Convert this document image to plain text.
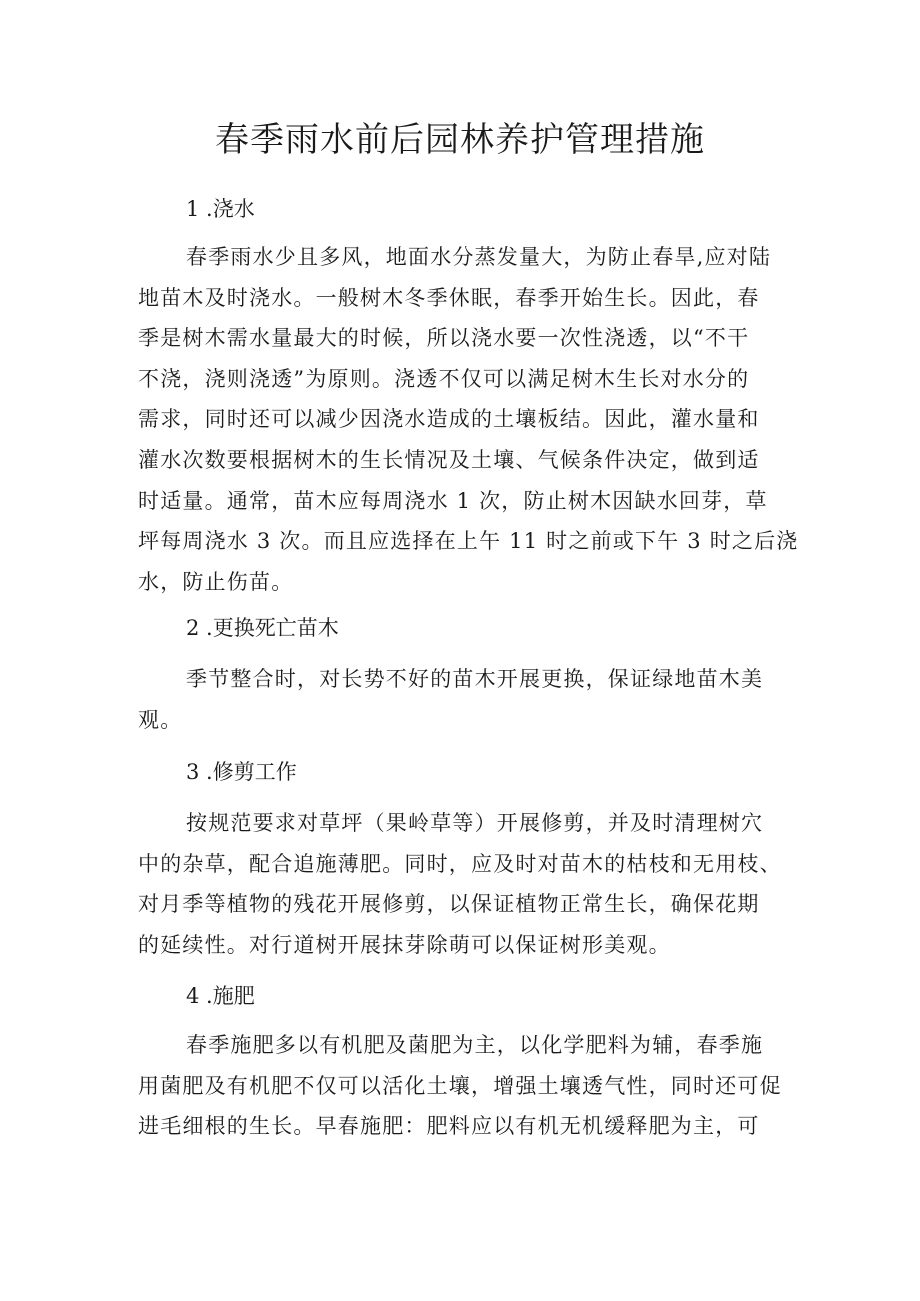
春季雨水前后园林养护管理措施

1 .浇水

春季雨水少且多风，地面水分蒸发量大，为防止春旱,应对陆
地苗木及时浇水。一般树木冬季休眠，春季开始生长。因此，春
季是树木需水量最大的时候，所以浇水要一次性浇透，以“不干
不浇，浇则浇透”为原则。浇透不仅可以满足树木生长对水分的
需求，同时还可以减少因浇水造成的土壤板结。因此，灌水量和
灌水次数要根据树木的生长情况及土壤、气候条件决定，做到适
时适量。通常，苗木应每周浇水 1 次，防止树木因缺水回芽，草
坪每周浇水 3 次。而且应选择在上午 11 时之前或下午 3 时之后浇
水，防止伤苗。

2 .更换死亡苗木

季节整合时，对长势不好的苗木开展更换，保证绿地苗木美
观。

3 .修剪工作

按规范要求对草坪（果岭草等）开展修剪，并及时清理树穴
中的杂草，配合追施薄肥。同时，应及时对苗木的枯枝和无用枝、
对月季等植物的残花开展修剪，以保证植物正常生长，确保花期
的延续性。对行道树开展抹芽除萌可以保证树形美观。

4 .施肥

春季施肥多以有机肥及菌肥为主，以化学肥料为辅，春季施
用菌肥及有机肥不仅可以活化土壤，增强土壤透气性，同时还可促
进毛细根的生长。早春施肥：肥料应以有机无机缓释肥为主，可
